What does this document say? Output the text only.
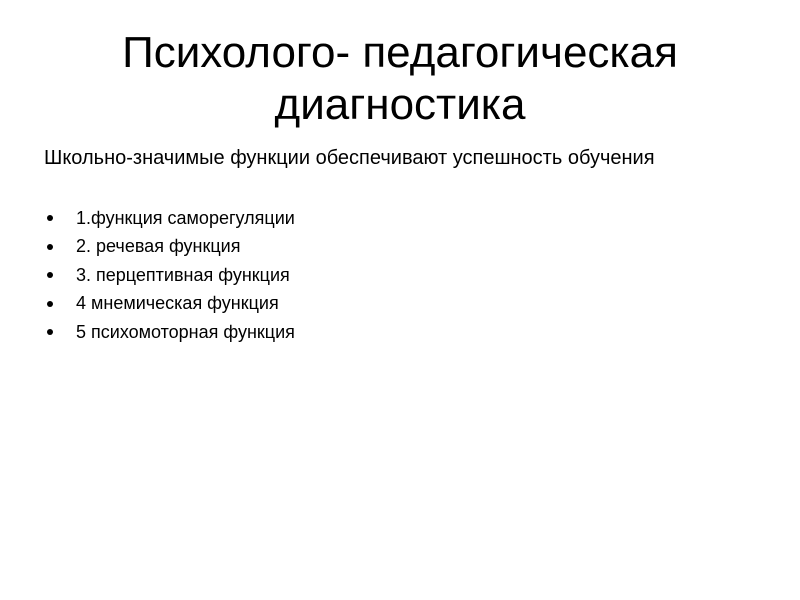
Психолого- педагогическая
диагностика

Школьно-значимые функции обеспечивают успешность обучения

1.функция саморегуляции
2. речевая функция
3. перцептивная функция
4 мнемическая функция
5 психомоторная функция
